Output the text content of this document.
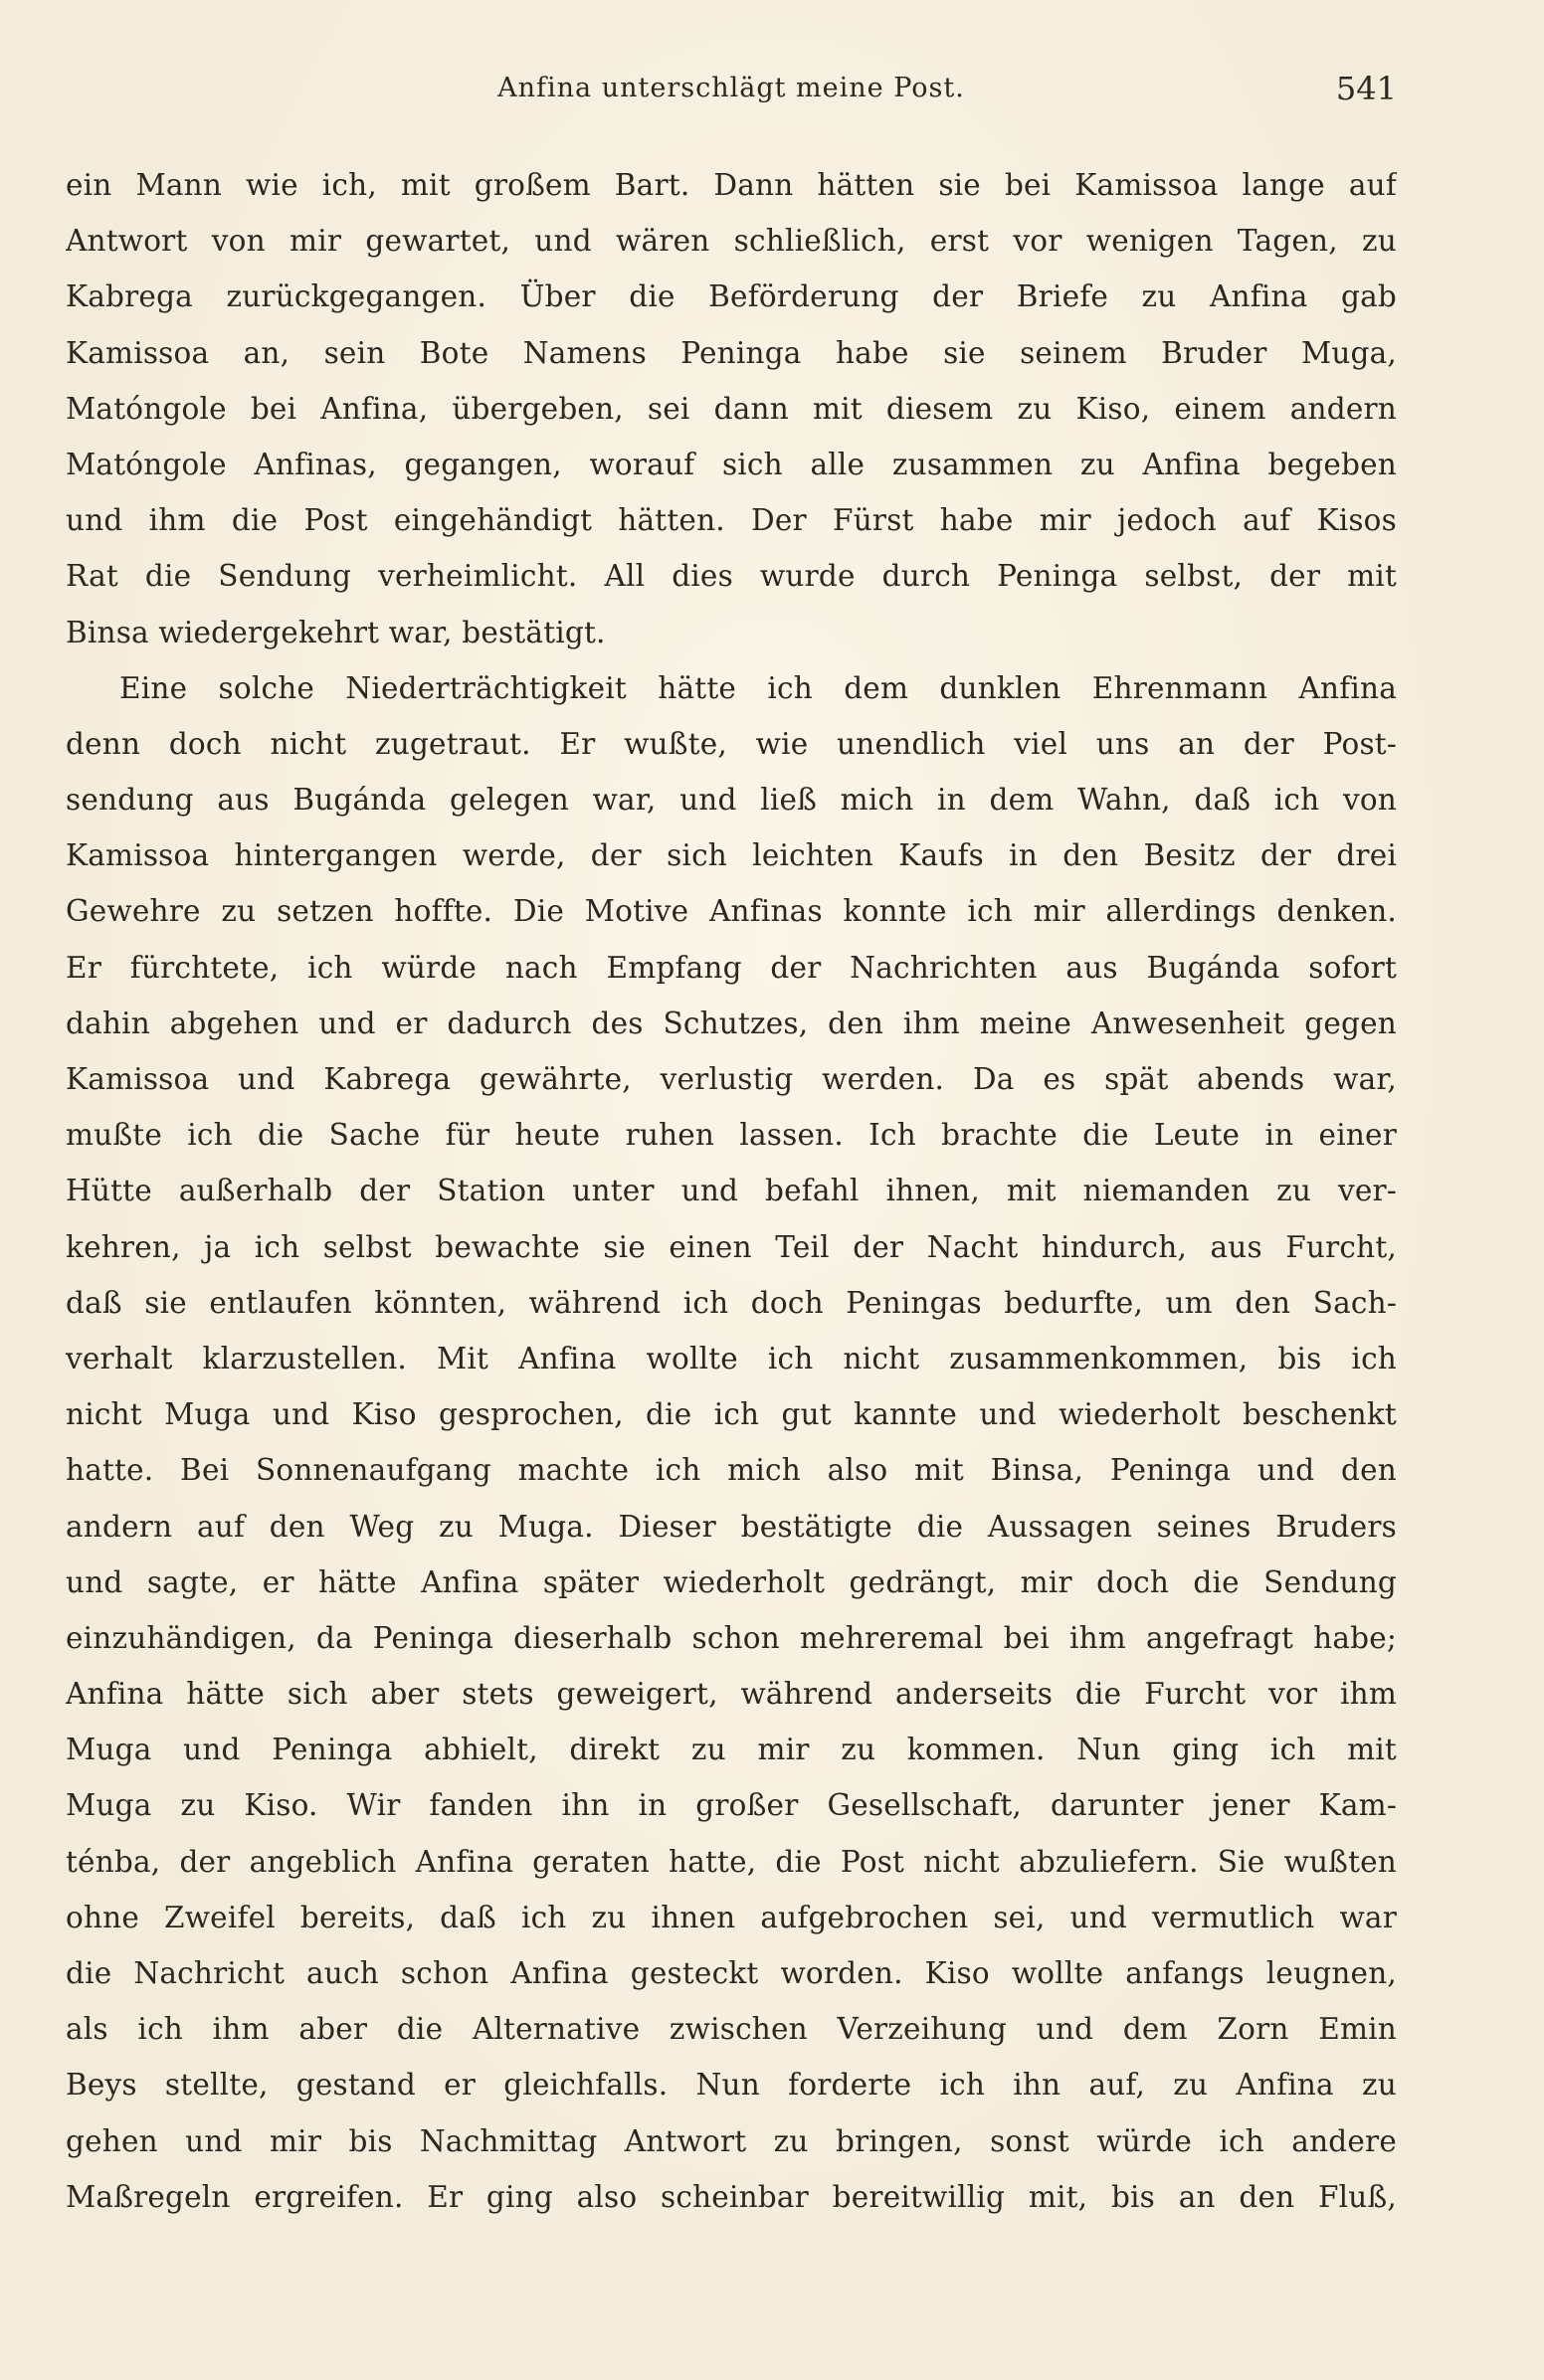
Anfina unterschlägt meine Post.	541
ein Mann wie ich, mit großem Bart. Dann hätten sie bei Kamissoa lange auf
Antwort von mir gewartet, und wären schließlich, erst vor wenigen Tagen, zu
Kabrega zurückgegangen. Über die Beförderung der Briefe zu Anfina gab
Kamissoa an, sein Bote Namens Peninga habe sie seinem Bruder Muga,
Matóngole bei Anfina, übergeben, sei dann mit diesem zu Kiso, einem andern
Matóngole Anfinas, gegangen, worauf sich alle zusammen zu Anfina begeben
und ihm die Post eingehändigt hätten. Der Fürst habe mir jedoch auf Kisos
Rat die Sendung verheimlicht. All dies wurde durch Peninga selbst, der mit
Binsa wiedergekehrt war, bestätigt.
Eine solche Niederträchtigkeit hätte ich dem dunklen Ehrenmann Anfina
denn doch nicht zugetraut. Er wußte, wie unendlich viel uns an der Post-
sendung aus Bugánda gelegen war, und ließ mich in dem Wahn, daß ich von
Kamissoa hintergangen werde, der sich leichten Kaufs in den Besitz der drei
Gewehre zu setzen hoffte. Die Motive Anfinas konnte ich mir allerdings denken.
Er fürchtete, ich würde nach Empfang der Nachrichten aus Bugánda sofort
dahin abgehen und er dadurch des Schutzes, den ihm meine Anwesenheit gegen
Kamissoa und Kabrega gewährte, verlustig werden. Da es spät abends war,
mußte ich die Sache für heute ruhen lassen. Ich brachte die Leute in einer
Hütte außerhalb der Station unter und befahl ihnen, mit niemanden zu ver-
kehren, ja ich selbst bewachte sie einen Teil der Nacht hindurch, aus Furcht,
daß sie entlaufen könnten, während ich doch Peningas bedurfte, um den Sach-
verhalt klarzustellen. Mit Anfina wollte ich nicht zusammenkommen, bis ich
nicht Muga und Kiso gesprochen, die ich gut kannte und wiederholt beschenkt
hatte. Bei Sonnenaufgang machte ich mich also mit Binsa, Peninga und den
andern auf den Weg zu Muga. Dieser bestätigte die Aussagen seines Bruders
und sagte, er hätte Anfina später wiederholt gedrängt, mir doch die Sendung
einzuhändigen, da Peninga dieserhalb schon mehreremal bei ihm angefragt habe;
Anfina hätte sich aber stets geweigert, während anderseits die Furcht vor ihm
Muga und Peninga abhielt, direkt zu mir zu kommen. Nun ging ich mit
Muga zu Kiso. Wir fanden ihn in großer Gesellschaft, darunter jener Kam-
ténba, der angeblich Anfina geraten hatte, die Post nicht abzuliefern. Sie wußten
ohne Zweifel bereits, daß ich zu ihnen aufgebrochen sei, und vermutlich war
die Nachricht auch schon Anfina gesteckt worden. Kiso wollte anfangs leugnen,
als ich ihm aber die Alternative zwischen Verzeihung und dem Zorn Emin
Beys stellte, gestand er gleichfalls. Nun forderte ich ihn auf, zu Anfina zu
gehen und mir bis Nachmittag Antwort zu bringen, sonst würde ich andere
Maßregeln ergreifen. Er ging also scheinbar bereitwillig mit, bis an den Fluß,
